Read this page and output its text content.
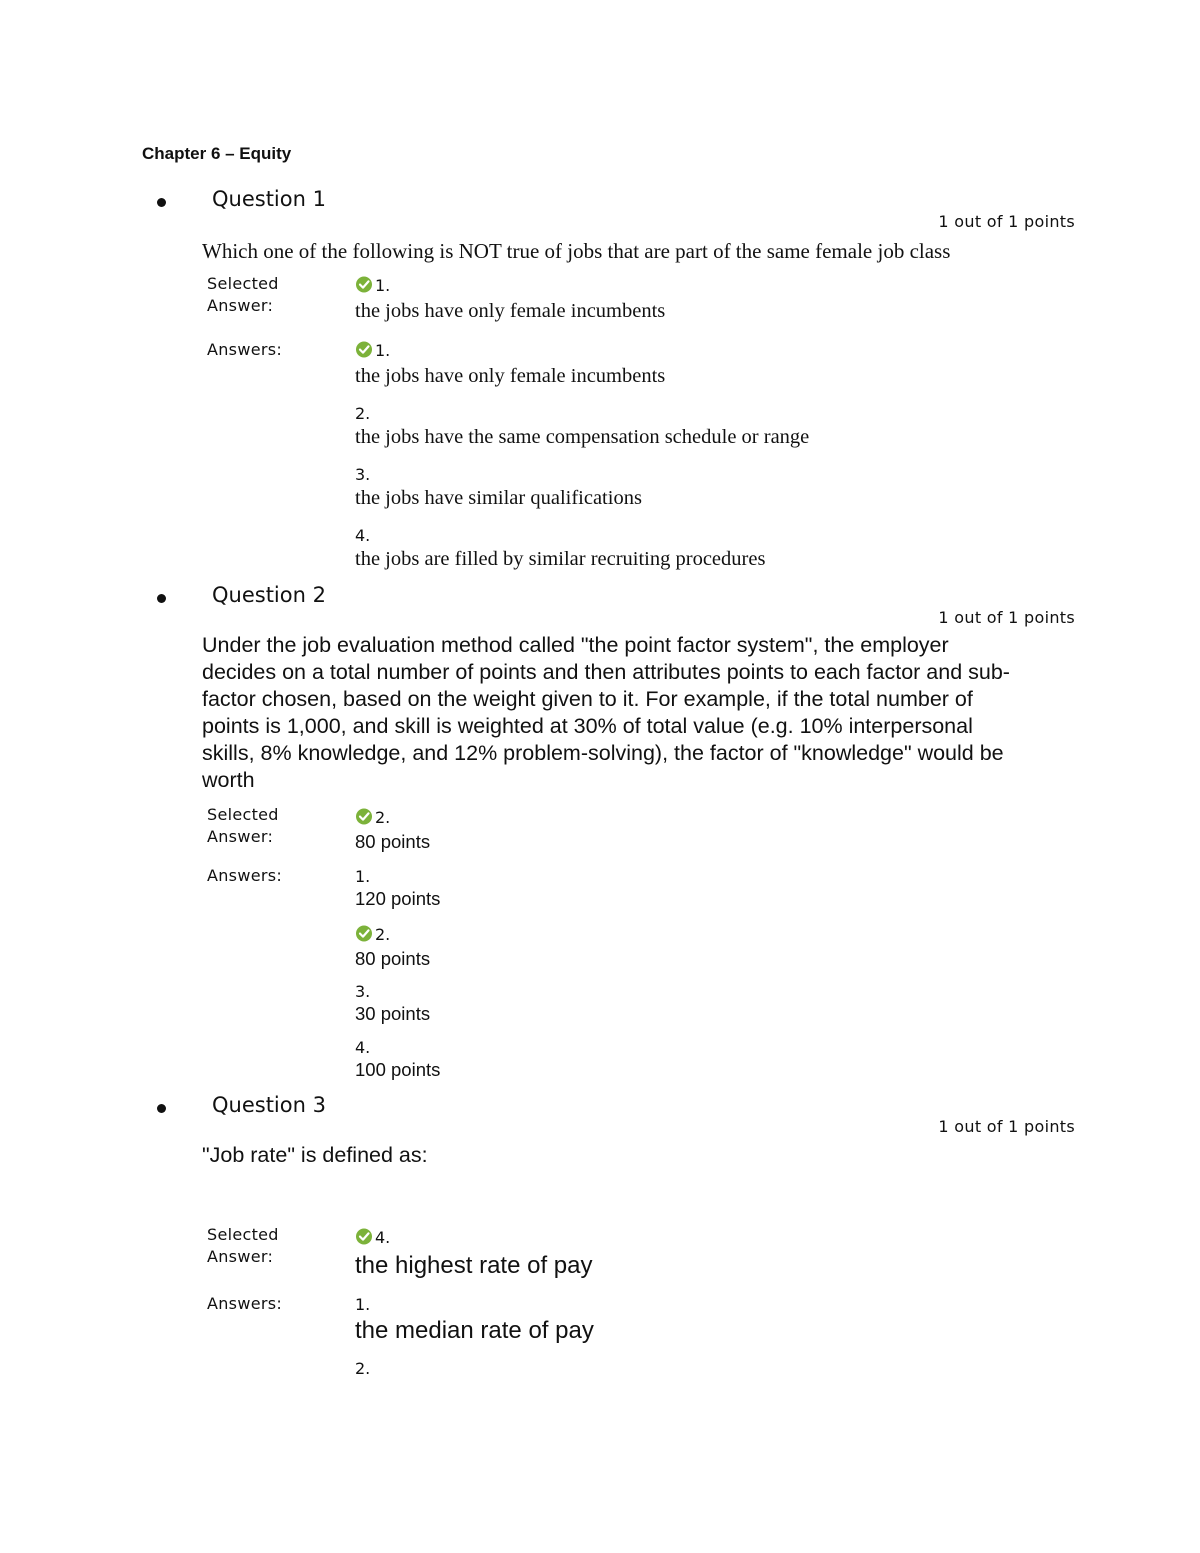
Chapter 6 – Equity
Question 1
1 out of 1 points
Which one of the following is NOT true of jobs that are part of the same female job class
Selected
Answer:
1.
the jobs have only female incumbents
Answers:	1.
the jobs have only female incumbents
2.
the jobs have the same compensation schedule or range
3.
the jobs have similar qualifications
4.
the jobs are filled by similar recruiting procedures
Question 2
1 out of 1 points
Under the job evaluation method called "the point factor system", the employer
decides on a total number of points and then attributes points to each factor and sub-
factor chosen, based on the weight given to it. For example, if the total number of
points is 1,000, and skill is weighted at 30% of total value (e.g. 10% interpersonal
skills, 8% knowledge, and 12% problem-solving), the factor of "knowledge" would be
worth
Selected
Answer:
2.
80 points
Answers:	1.
120 points
2.
80 points
3.
30 points
4.
100 points
Question 3
1 out of 1 points
"Job rate" is defined as:
Selected
Answer:
4.
the highest rate of pay
Answers:	1.
the median rate of pay
2.
